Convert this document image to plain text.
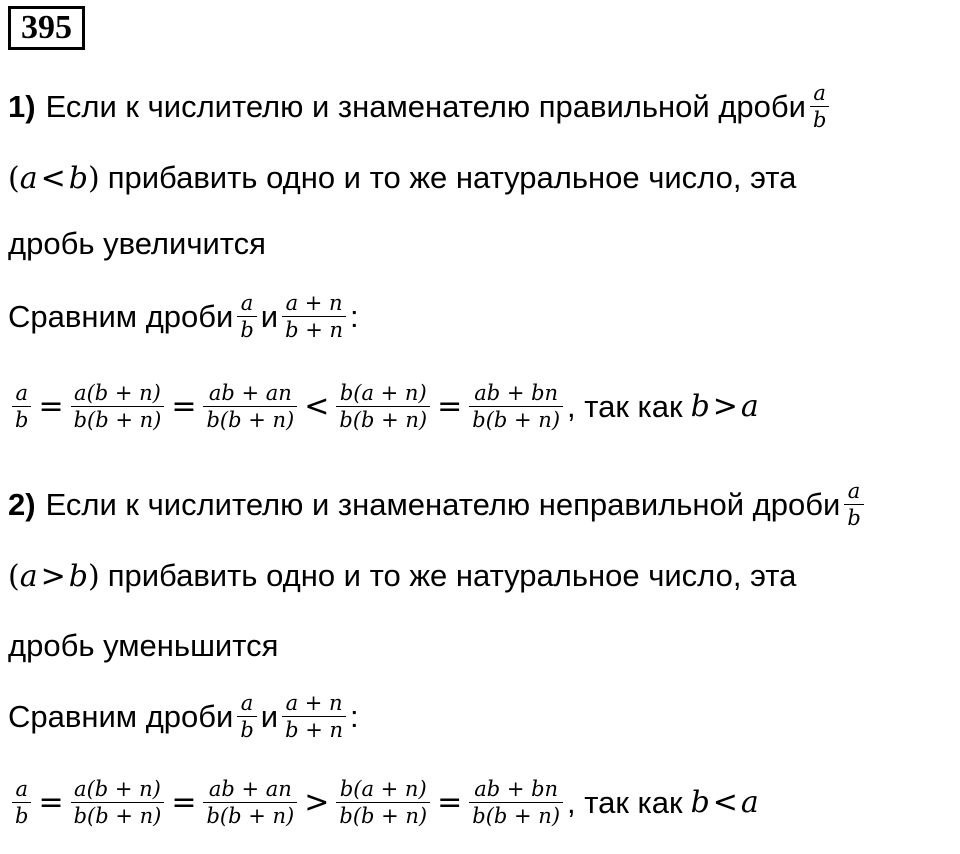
395
1) Если к числителю и знаменателю правильной дроби $\frac{a}{b}$
( a < b ) прибавить одно и то же натуральное число, эта
дробь увеличится
Сравним дроби $\frac{a}{b}$ и $\frac{a + n}{b + n}$ :
$\frac{a}{b} = \frac{a(b + n)}{b(b + n)} = \frac{ab + an}{b(b + n)} < \frac{b(a + n)}{b(b + n)} = \frac{ab + bn}{b(b + n)}$ , так как b > a
2) Если к числителю и знаменателю неправильной дроби $\frac{a}{b}$
( a > b ) прибавить одно и то же натуральное число, эта
дробь уменьшится
Сравним дроби $\frac{a}{b}$ и $\frac{a + n}{b + n}$ :
$\frac{a}{b} = \frac{a(b + n)}{b(b + n)} = \frac{ab + an}{b(b + n)} > \frac{b(a + n)}{b(b + n)} = \frac{ab + bn}{b(b + n)}$ , так как b < a
